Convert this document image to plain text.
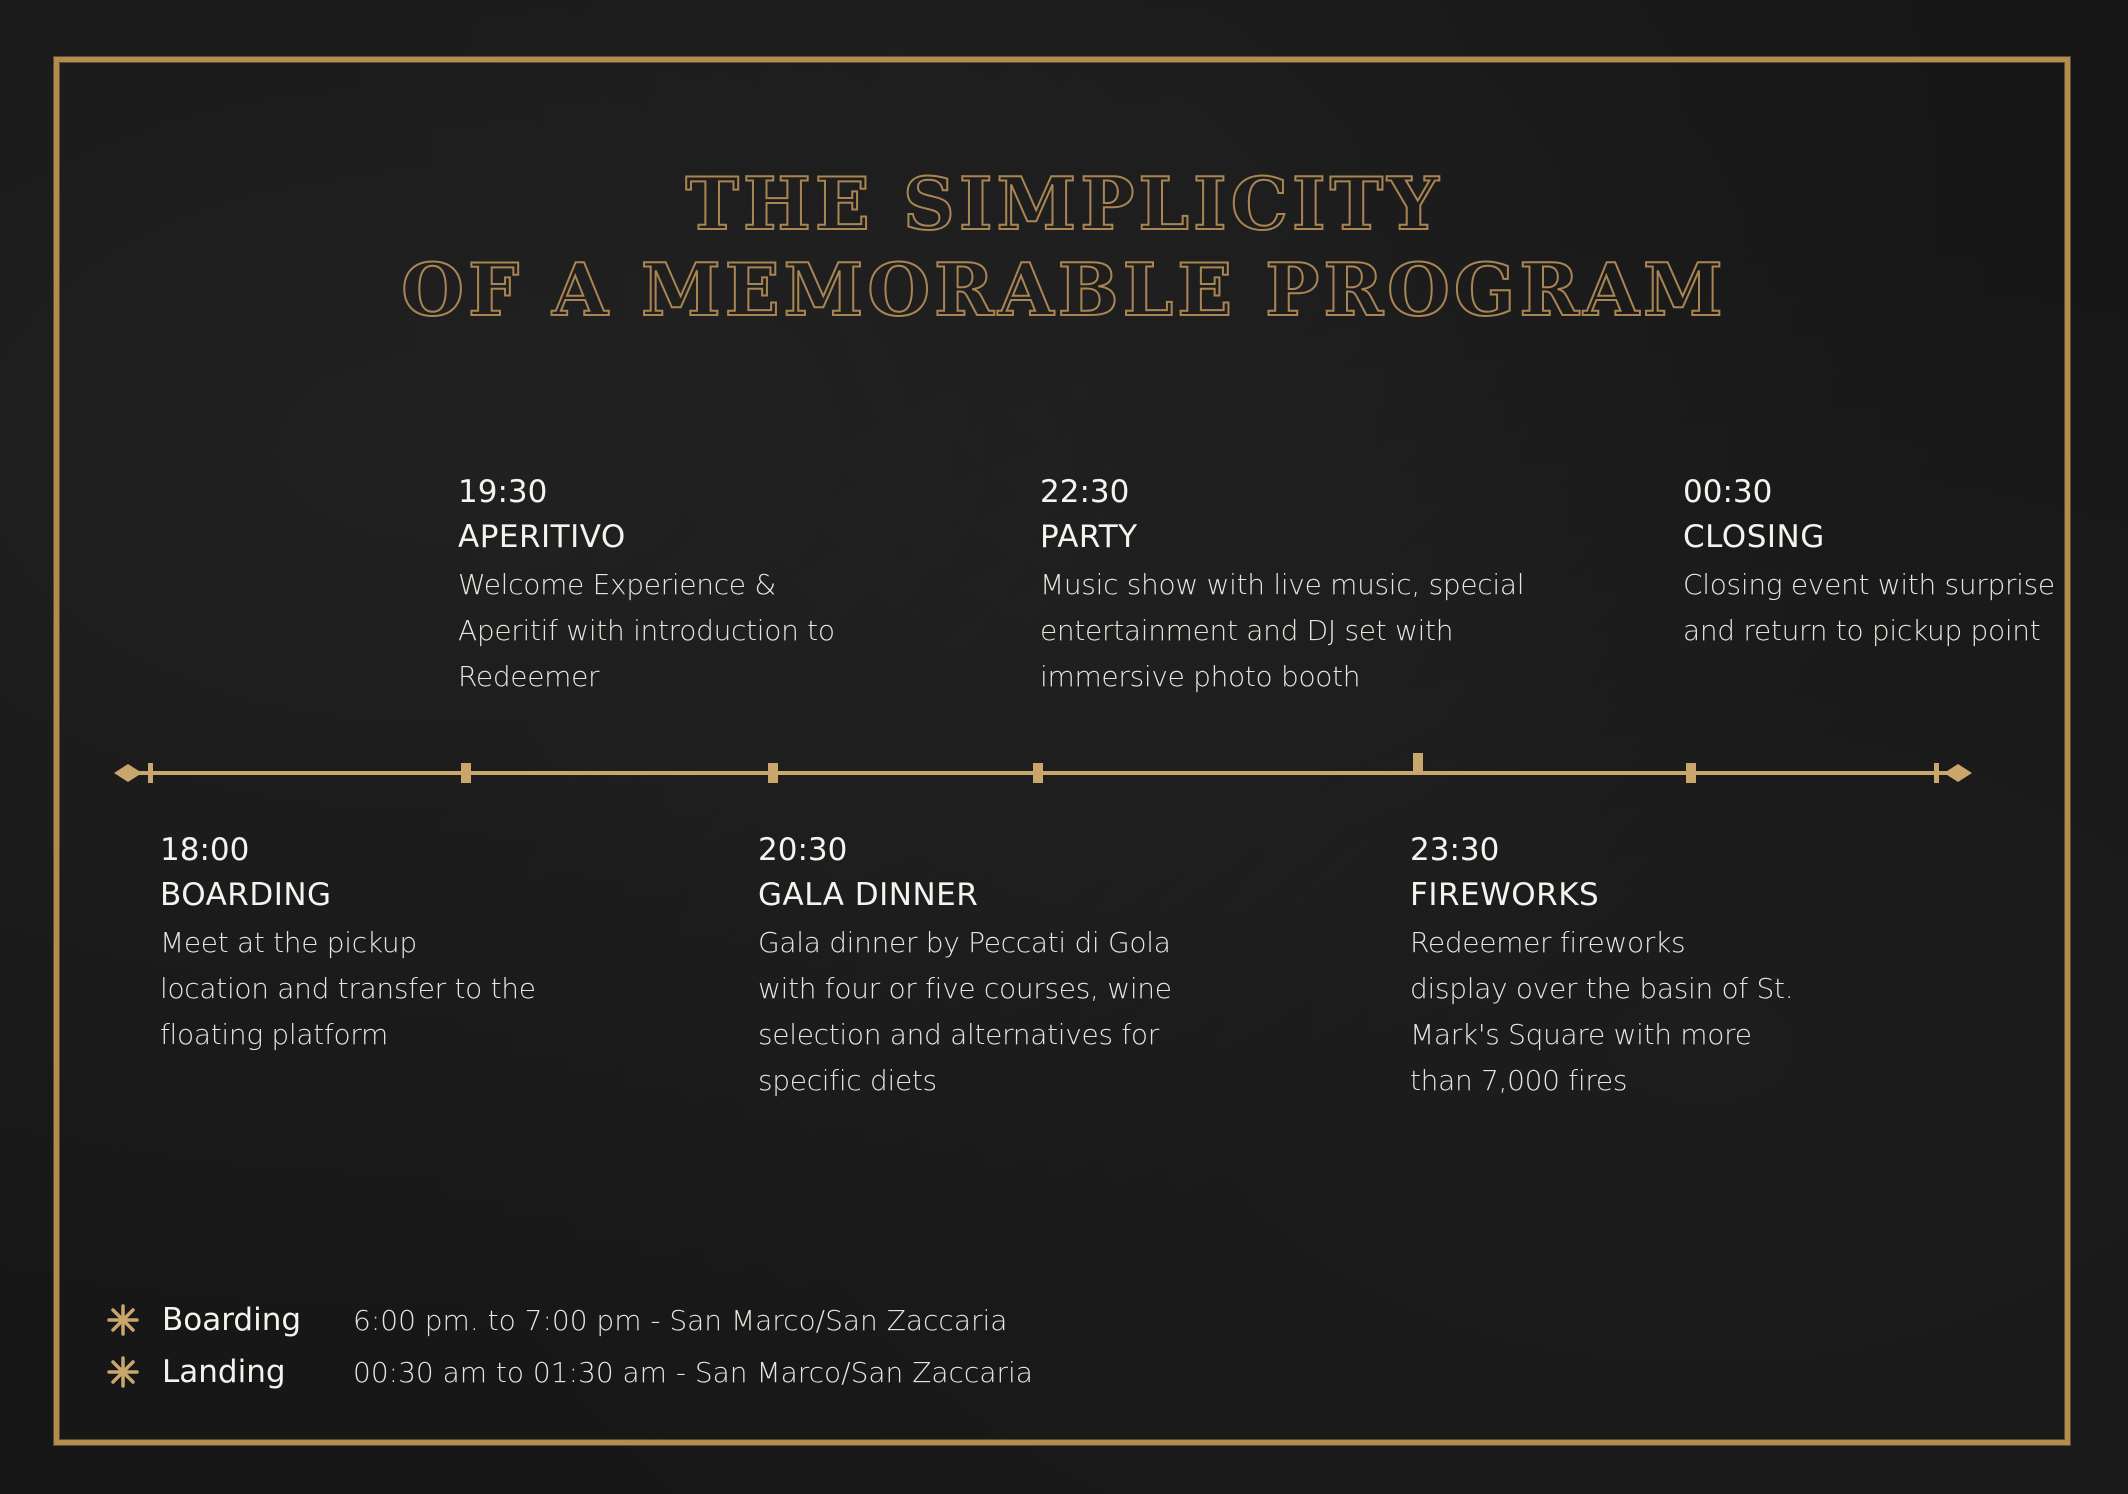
THE SIMPLICITY
OF A MEMORABLE PROGRAM
19:30
APERITIVO
Welcome Experience &
Aperitif with introduction to
Redeemer
22:30
PARTY
Music show with live music, special
entertainment and DJ set with
immersive photo booth
00:30
CLOSING
Closing event with surprise
and return to pickup point
18:00
BOARDING
Meet at the pickup
location and transfer to the
floating platform
20:30
GALA DINNER
Gala dinner by Peccati di Gola
with four or five courses, wine
selection and alternatives for
specific diets
23:30
FIREWORKS
Redeemer fireworks
display over the basin of St.
Mark's Square with more
than 7,000 fires
Boarding 6:00 pm. to 7:00 pm - San Marco/San Zaccaria
Landing 00:30 am to 01:30 am - San Marco/San Zaccaria
